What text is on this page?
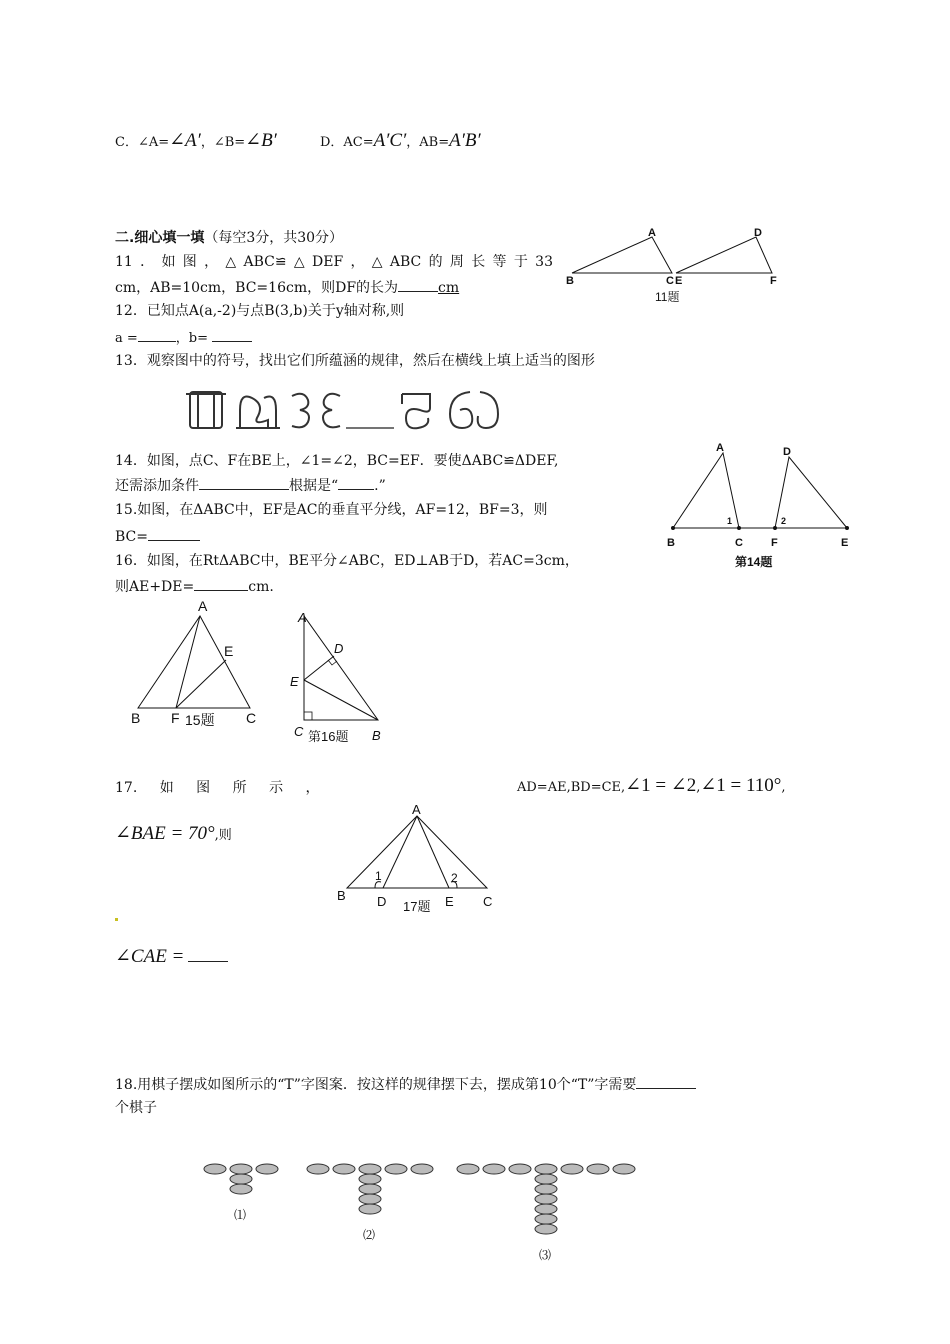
C．∠A=∠A′，∠B=∠B′	D．AC=A′C′，AB=A′B′
二.细心填一填（每空3分，共30分）
11．如图，△ABC≌△DEF，△ABC的周长等于33
cm，AB=10cm，BC=16cm，则DF的长为	cm
A
B	C
D
E	F
11题
12．已知点A(a,-2)与点B(3,b)关于y轴对称,则
a =	，b=
13．观察图中的符号，找出它们所蕴涵的规律，然后在横线上填上适当的图形
14．如图，点C、F在BE上，∠1=∠2，BC=EF．要使ΔABC≌ΔDEF,
还需添加条件	根据是“	.”
A	D
B	C	F	E
1	2
第14题
15.如图，在ΔABC中，EF是AC的垂直平分线，AF=12，BF=3，则
BC=
16．如图，在RtΔABC中，BE平分∠ABC，ED⊥AB于D，若AC=3cm，
则AE+DE=	cm.
A
E
B F	C
15题
A
D
E
C	B
第16题
17. 如 图 所 示 ，	AD=AE,BD=CE,∠1 = ∠2,∠1 = 110°,
∠BAE = 70°,则
A
B D	E C
1	2
17题
∠CAE =
18.用棋子摆成如图所示的“T”字图案．按这样的规律摆下去，摆成第10个“T”字需要
个棋子
⑴
⑵
⑶
